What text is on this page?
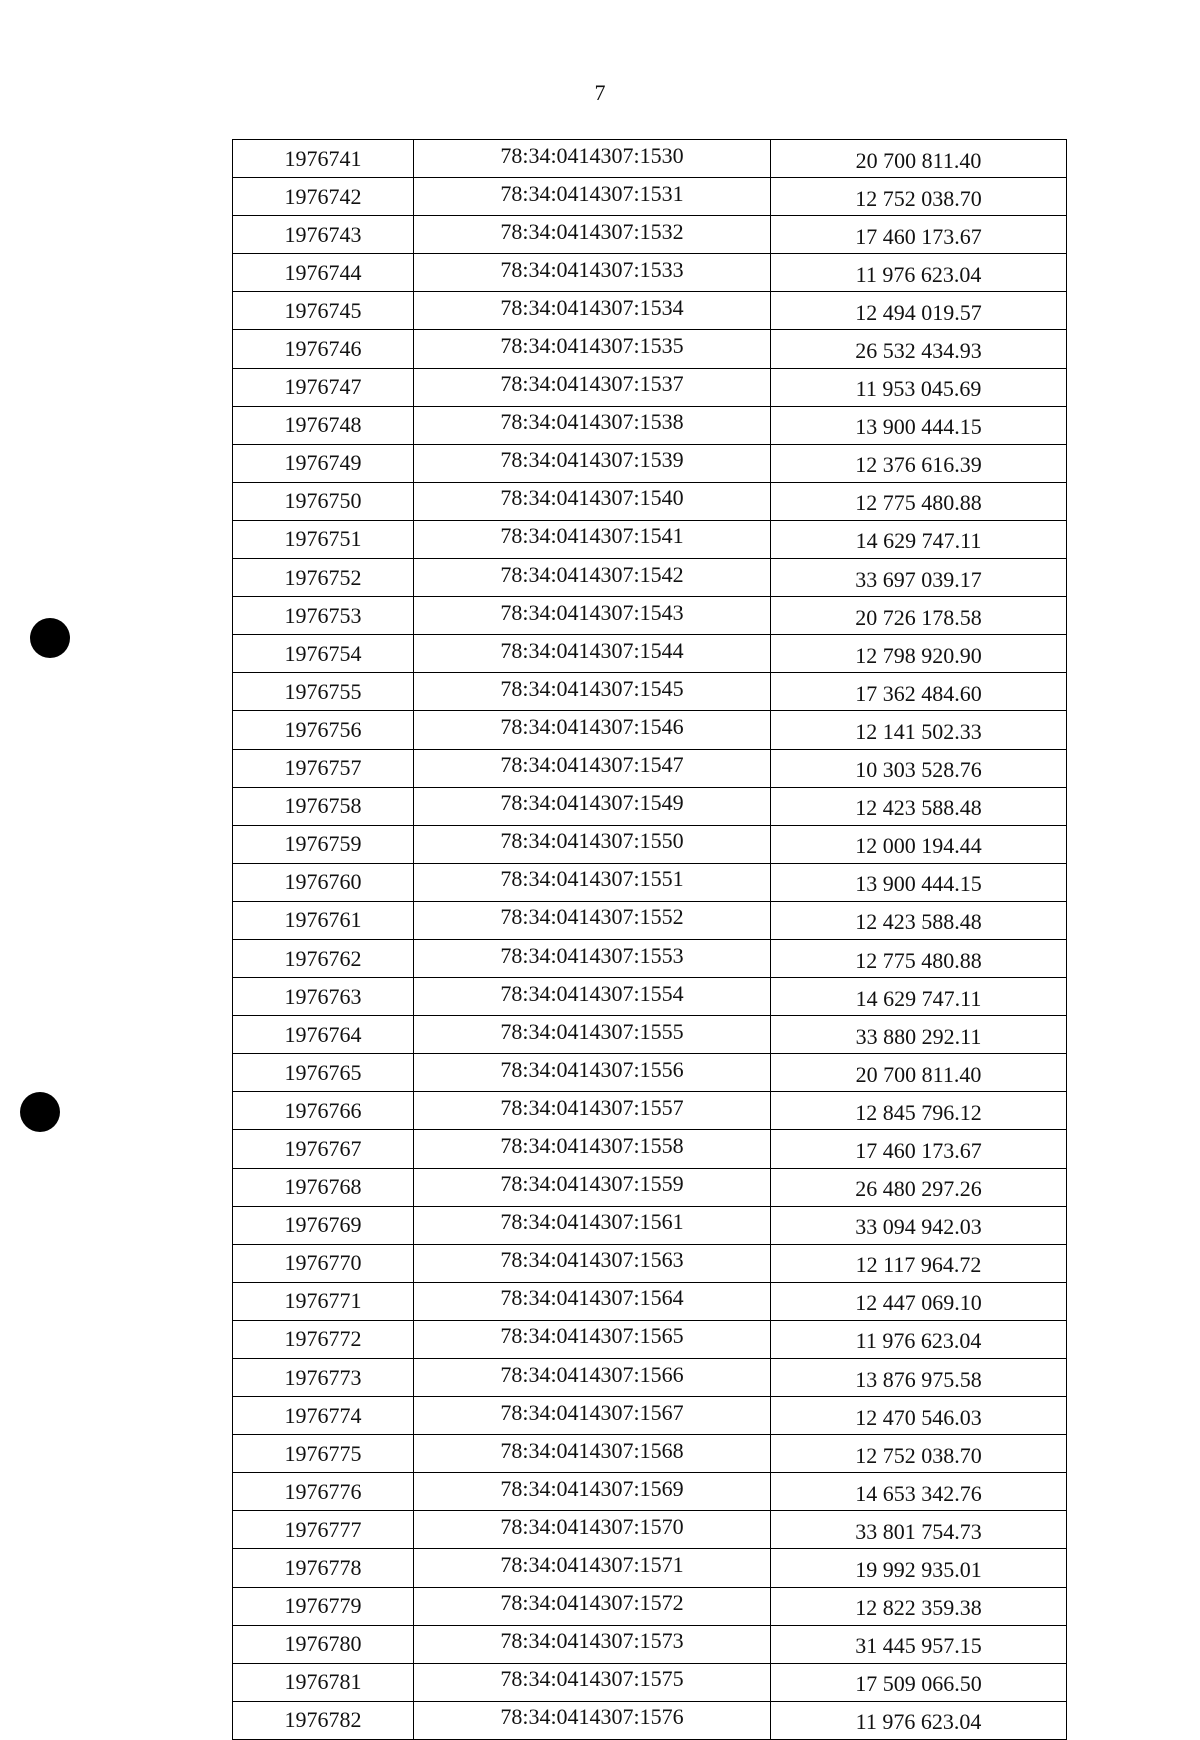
7
1976741	78:34:0414307:1530	20 700 811.40
1976742	78:34:0414307:1531	12 752 038.70
1976743	78:34:0414307:1532	17 460 173.67
1976744	78:34:0414307:1533	11 976 623.04
1976745	78:34:0414307:1534	12 494 019.57
1976746	78:34:0414307:1535	26 532 434.93
1976747	78:34:0414307:1537	11 953 045.69
1976748	78:34:0414307:1538	13 900 444.15
1976749	78:34:0414307:1539	12 376 616.39
1976750	78:34:0414307:1540	12 775 480.88
1976751	78:34:0414307:1541	14 629 747.11
1976752	78:34:0414307:1542	33 697 039.17
1976753	78:34:0414307:1543	20 726 178.58
1976754	78:34:0414307:1544	12 798 920.90
1976755	78:34:0414307:1545	17 362 484.60
1976756	78:34:0414307:1546	12 141 502.33
1976757	78:34:0414307:1547	10 303 528.76
1976758	78:34:0414307:1549	12 423 588.48
1976759	78:34:0414307:1550	12 000 194.44
1976760	78:34:0414307:1551	13 900 444.15
1976761	78:34:0414307:1552	12 423 588.48
1976762	78:34:0414307:1553	12 775 480.88
1976763	78:34:0414307:1554	14 629 747.11
1976764	78:34:0414307:1555	33 880 292.11
1976765	78:34:0414307:1556	20 700 811.40
1976766	78:34:0414307:1557	12 845 796.12
1976767	78:34:0414307:1558	17 460 173.67
1976768	78:34:0414307:1559	26 480 297.26
1976769	78:34:0414307:1561	33 094 942.03
1976770	78:34:0414307:1563	12 117 964.72
1976771	78:34:0414307:1564	12 447 069.10
1976772	78:34:0414307:1565	11 976 623.04
1976773	78:34:0414307:1566	13 876 975.58
1976774	78:34:0414307:1567	12 470 546.03
1976775	78:34:0414307:1568	12 752 038.70
1976776	78:34:0414307:1569	14 653 342.76
1976777	78:34:0414307:1570	33 801 754.73
1976778	78:34:0414307:1571	19 992 935.01
1976779	78:34:0414307:1572	12 822 359.38
1976780	78:34:0414307:1573	31 445 957.15
1976781	78:34:0414307:1575	17 509 066.50
1976782	78:34:0414307:1576	11 976 623.04
